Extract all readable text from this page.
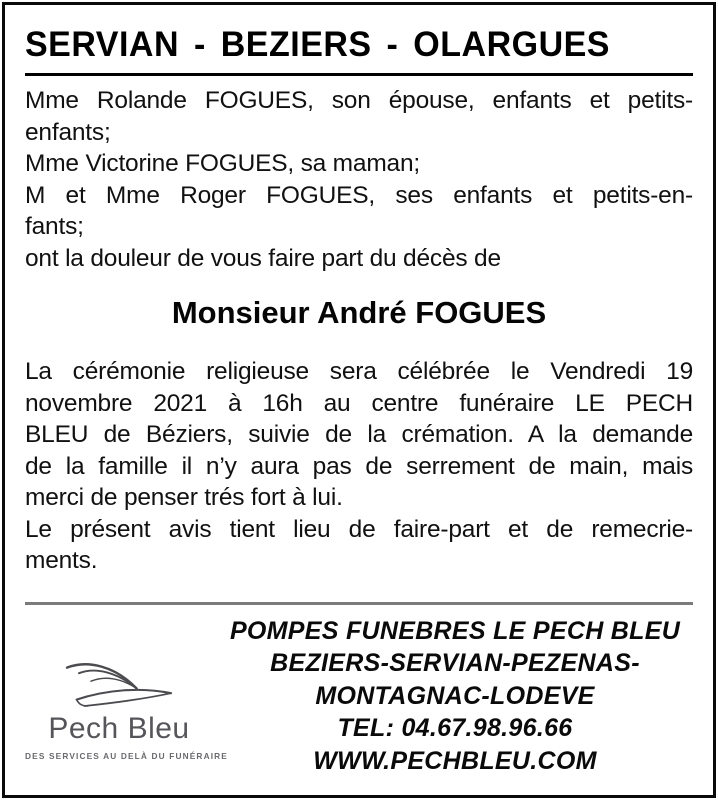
SERVIAN - BEZIERS - OLARGUES
Mme Rolande FOGUES, son épouse, enfants et petits-
enfants;
Mme Victorine FOGUES, sa maman;
M et Mme Roger FOGUES, ses enfants et petits-en-
fants;
ont la douleur de vous faire part du décès de
Monsieur André FOGUES
La cérémonie religieuse sera célébrée le Vendredi 19
novembre 2021 à 16h au centre funéraire LE PECH
BLEU de Béziers, suivie de la crémation. A la demande
de la famille il n’y aura pas de serrement de main, mais
merci de penser trés fort à lui.
Le présent avis tient lieu de faire-part et de remecrie-
ments.
Pech Bleu
DES SERVICES AU DELÀ DU FUNÉRAIRE
POMPES FUNEBRES LE PECH BLEU
BEZIERS-SERVIAN-PEZENAS-
MONTAGNAC-LODEVE
TEL: 04.67.98.96.66
WWW.PECHBLEU.COM
